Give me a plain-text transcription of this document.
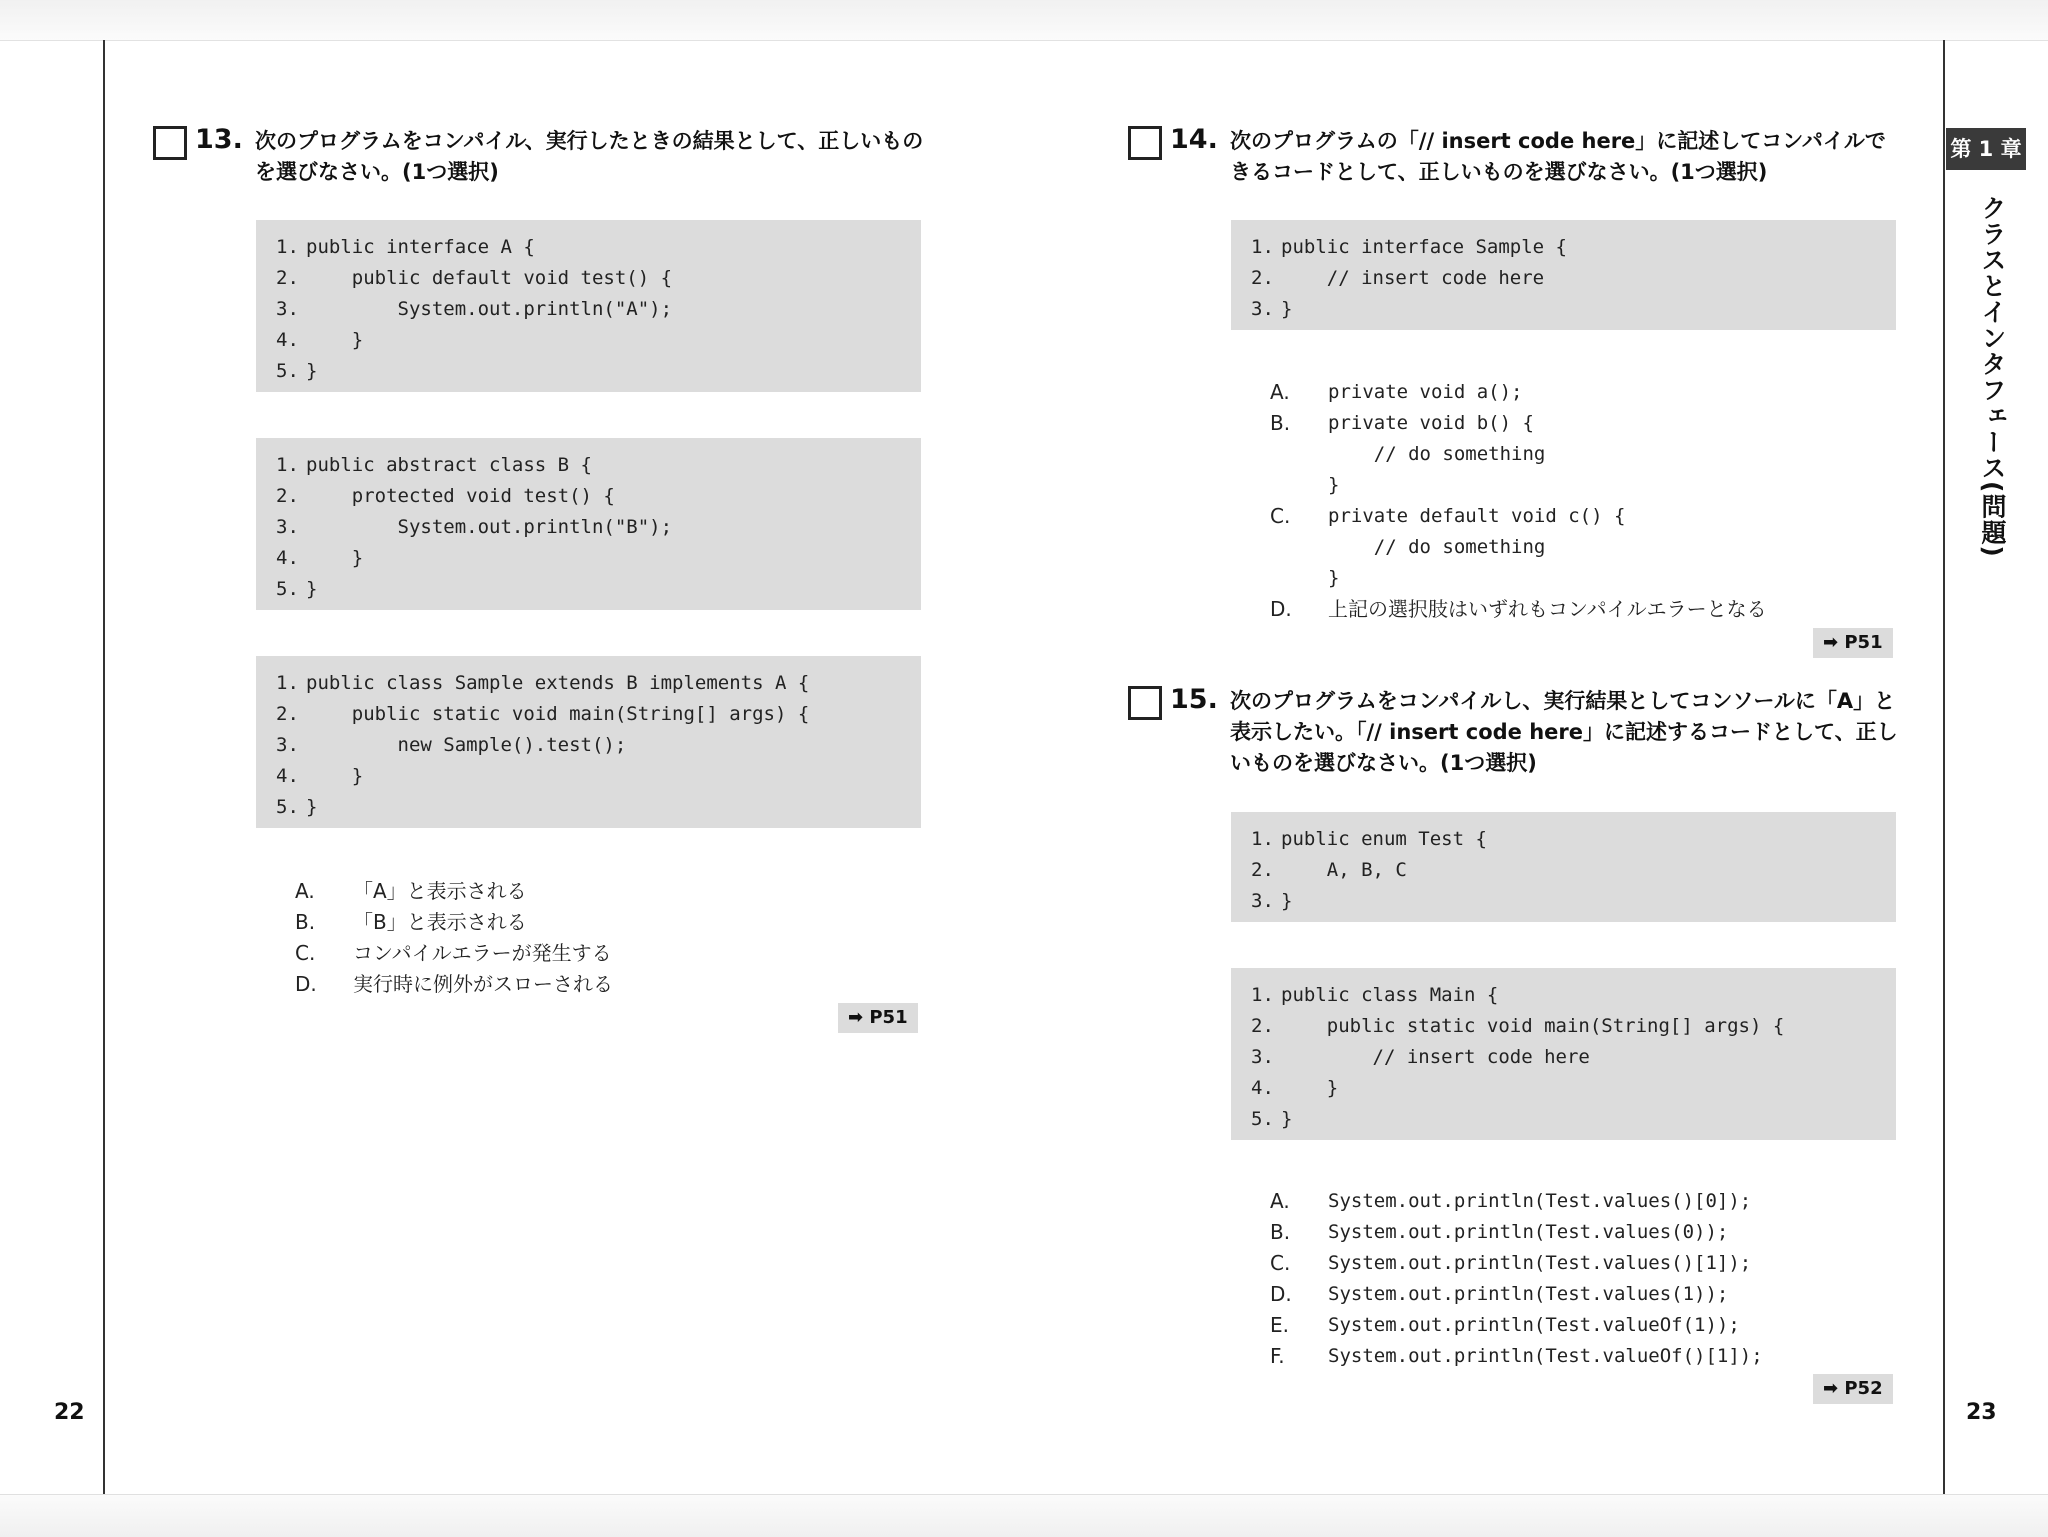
22	23
第 1 章
クラスとインタフェース(問題)
13. 次のプログラムをコンパイル、実行したときの結果として、正しいものを選びなさい。(1つ選択)
1. public interface A {
2.    public default void test() {
3.        System.out.println("A");
4.    }
5. }
1. public abstract class B {
2.    protected void test() {
3.        System.out.println("B");
4.    }
5. }
1. public class Sample extends B implements A {
2.    public static void main(String[] args) {
3.        new Sample().test();
4.    }
5. }
A.	「A」と表示される
B.	「B」と表示される
C.	コンパイルエラーが発生する
D.	実行時に例外がスローされる
➡ P51
14. 次のプログラムの「// insert code here」に記述してコンパイルできるコードとして、正しいものを選びなさい。(1つ選択)
1. public interface Sample {
2.    // insert code here
3. }
A.	private void a();
B.	private void b() {
// do something
}
C.	private default void c() {
// do something
}
D.	上記の選択肢はいずれもコンパイルエラーとなる
➡ P51
15. 次のプログラムをコンパイルし、実行結果としてコンソールに「A」と表示したい。「// insert code here」に記述するコードとして、正しいものを選びなさい。(1つ選択)
1. public enum Test {
2.    A, B, C
3. }
1. public class Main {
2.    public static void main(String[] args) {
3.        // insert code here
4.    }
5. }
A.	System.out.println(Test.values()[0]);
B.	System.out.println(Test.values(0));
C.	System.out.println(Test.values()[1]);
D.	System.out.println(Test.values(1));
E.	System.out.println(Test.valueOf(1));
F.	System.out.println(Test.valueOf()[1]);
➡ P52
